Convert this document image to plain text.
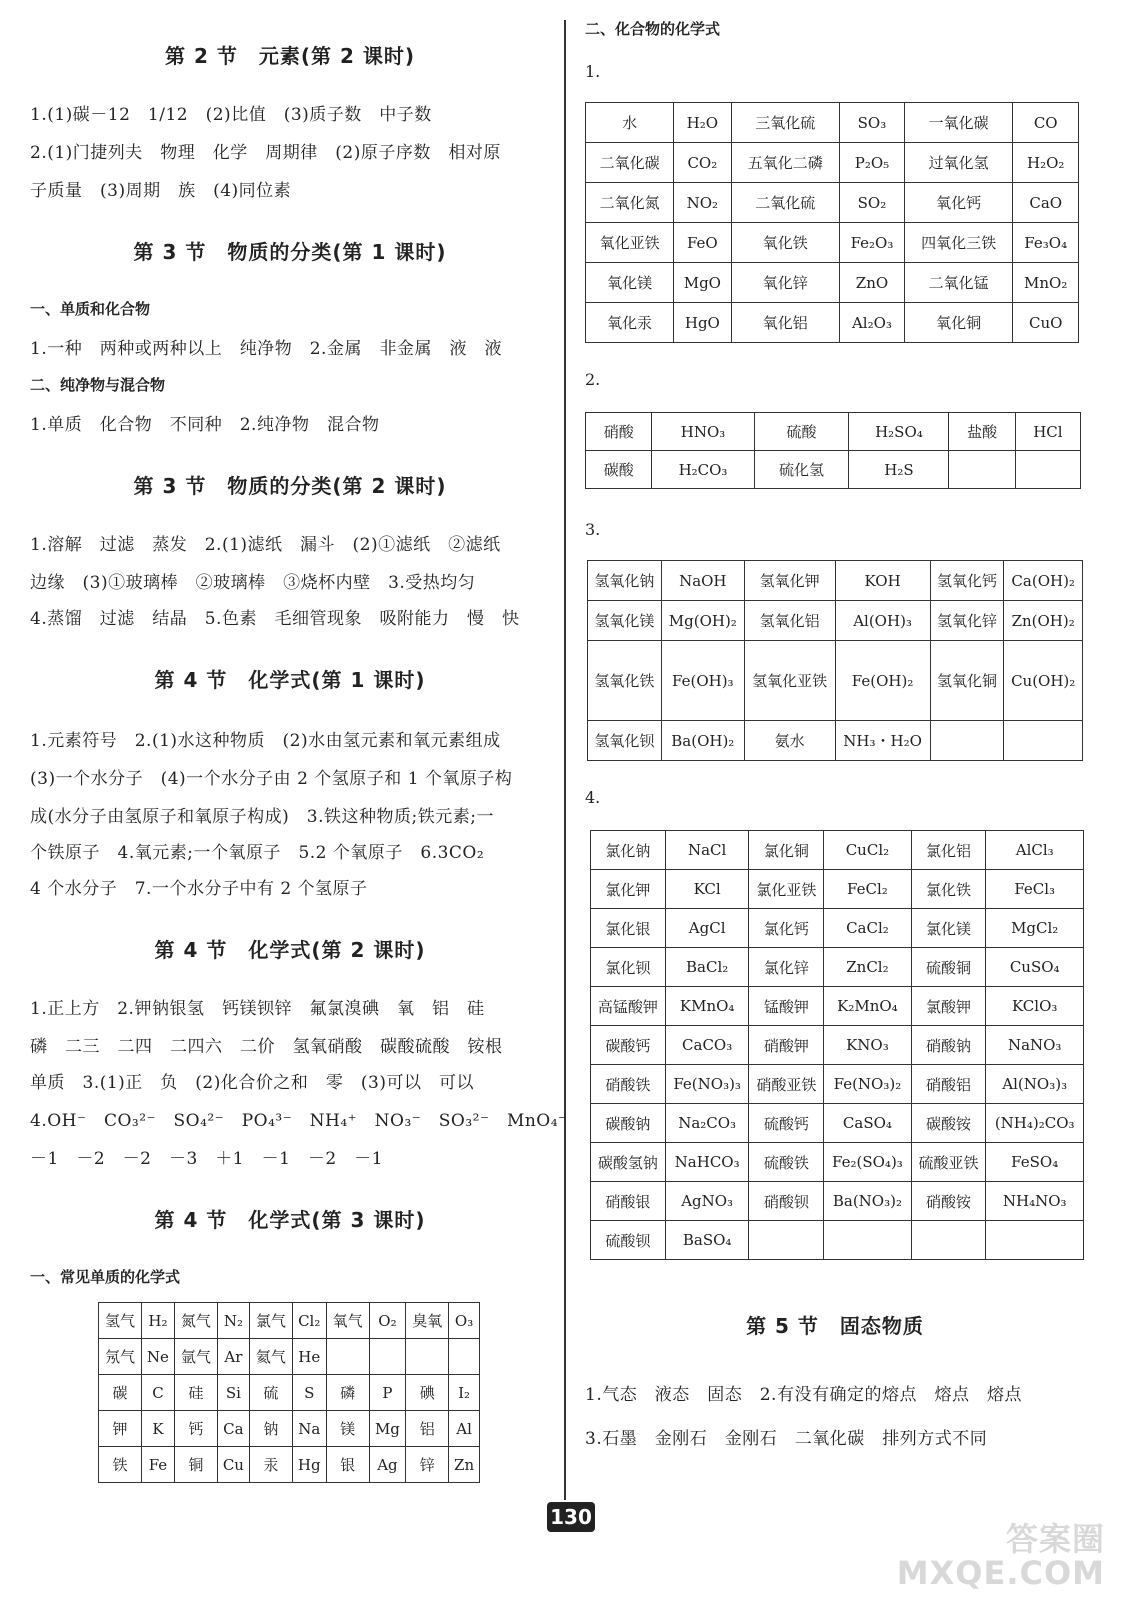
第 2 节　元素(第 2 课时)
1.(1)碳－12　1/12　(2)比值　(3)质子数　中子数
2.(1)门捷列夫　物理　化学　周期律　(2)原子序数　相对原
子质量　(3)周期　族　(4)同位素
第 3 节　物质的分类(第 1 课时)
一、单质和化合物
1.一种　两种或两种以上　纯净物　2.金属　非金属　液　液
二、纯净物与混合物
1.单质　化合物　不同种　2.纯净物　混合物
第 3 节　物质的分类(第 2 课时)
1.溶解　过滤　蒸发　2.(1)滤纸　漏斗　(2)①滤纸　②滤纸
边缘　(3)①玻璃棒　②玻璃棒　③烧杯内壁　3.受热均匀
4.蒸馏　过滤　结晶　5.色素　毛细管现象　吸附能力　慢　快
第 4 节　化学式(第 1 课时)
1.元素符号　2.(1)水这种物质　(2)水由氢元素和氧元素组成
(3)一个水分子　(4)一个水分子由 2 个氢原子和 1 个氧原子构
成(水分子由氢原子和氧原子构成)　3.铁这种物质;铁元素;一
个铁原子　4.氧元素;一个氧原子　5.2 个氧原子　6.3CO₂
4 个水分子　7.一个水分子中有 2 个氢原子
第 4 节　化学式(第 2 课时)
1.正上方　2.钾钠银氢　钙镁钡锌　氟氯溴碘　氧　铝　硅
磷　二三　二四　二四六　二价　氢氧硝酸　碳酸硫酸　铵根
单质　3.(1)正　负　(2)化合价之和　零　(3)可以　可以
4.OH⁻　CO₃²⁻　SO₄²⁻　PO₄³⁻　NH₄⁺　NO₃⁻　SO₃²⁻　MnO₄⁻
－1　－2　－2　－3　＋1　－1　－2　－1
第 4 节　化学式(第 3 课时)
一、常见单质的化学式
氢气	H₂	氮气	N₂	氯气	Cl₂	氧气	O₂	臭氧	O₃
氖气	Ne	氩气	Ar	氦气	He				
碳	C	硅	Si	硫	S	磷	P	碘	I₂
钾	K	钙	Ca	钠	Na	镁	Mg	铝	Al
铁	Fe	铜	Cu	汞	Hg	银	Ag	锌	Zn
二、化合物的化学式
1.
水	H₂O	三氧化硫	SO₃	一氧化碳	CO
二氧化碳	CO₂	五氧化二磷	P₂O₅	过氧化氢	H₂O₂
二氧化氮	NO₂	二氧化硫	SO₂	氧化钙	CaO
氧化亚铁	FeO	氧化铁	Fe₂O₃	四氧化三铁	Fe₃O₄
氧化镁	MgO	氧化锌	ZnO	二氧化锰	MnO₂
氧化汞	HgO	氧化铝	Al₂O₃	氧化铜	CuO
2.
硝酸	HNO₃	硫酸	H₂SO₄	盐酸	HCl
碳酸	H₂CO₃	硫化氢	H₂S		
3.
氢氧化钠	NaOH	氢氧化钾	KOH	氢氧化钙	Ca(OH)₂
氢氧化镁	Mg(OH)₂	氢氧化铝	Al(OH)₃	氢氧化锌	Zn(OH)₂
氢氧化铁	Fe(OH)₃	氢氧化亚铁	Fe(OH)₂	氢氧化铜	Cu(OH)₂
氢氧化钡	Ba(OH)₂	氨水	NH₃・H₂O		
4.
氯化钠	NaCl	氯化铜	CuCl₂	氯化铝	AlCl₃
氯化钾	KCl	氯化亚铁	FeCl₂	氯化铁	FeCl₃
氯化银	AgCl	氯化钙	CaCl₂	氯化镁	MgCl₂
氯化钡	BaCl₂	氯化锌	ZnCl₂	硫酸铜	CuSO₄
高锰酸钾	KMnO₄	锰酸钾	K₂MnO₄	氯酸钾	KClO₃
碳酸钙	CaCO₃	硝酸钾	KNO₃	硝酸钠	NaNO₃
硝酸铁	Fe(NO₃)₃	硝酸亚铁	Fe(NO₃)₂	硝酸铝	Al(NO₃)₃
碳酸钠	Na₂CO₃	硫酸钙	CaSO₄	碳酸铵	(NH₄)₂CO₃
碳酸氢钠	NaHCO₃	硫酸铁	Fe₂(SO₄)₃	硫酸亚铁	FeSO₄
硝酸银	AgNO₃	硝酸钡	Ba(NO₃)₂	硝酸铵	NH₄NO₃
硫酸钡	BaSO₄				
第 5 节　固态物质
1.气态　液态　固态　2.有没有确定的熔点　熔点　熔点
3.石墨　金刚石　金刚石　二氧化碳　排列方式不同
130
答案圈
MXQE.COM
